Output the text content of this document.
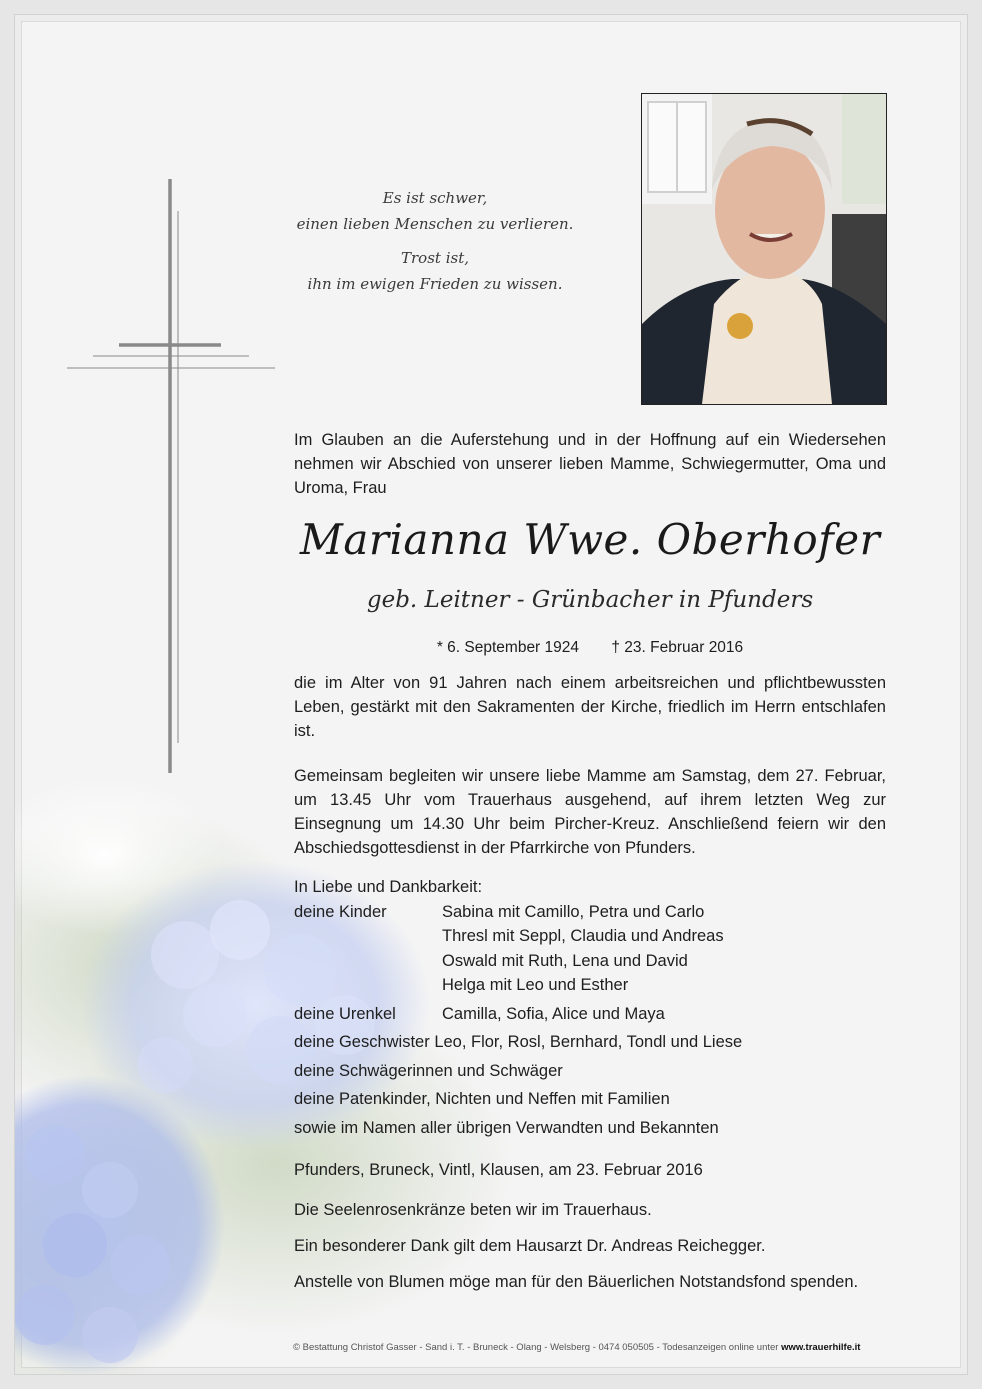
Es ist schwer,
einen lieben Menschen zu verlieren.
Trost ist,
ihn im ewigen Frieden zu wissen.
Im Glauben an die Auferstehung und in der Hoffnung auf ein Wiedersehen nehmen wir Abschied von unserer lieben Mamme, Schwiegermutter, Oma und Uroma, Frau
Marianna Wwe. Oberhofer
geb. Leitner - Grünbacher in Pfunders
* 6. September 1924 † 23. Februar 2016
die im Alter von 91 Jahren nach einem arbeitsreichen und pflichtbewussten Leben, gestärkt mit den Sakramenten der Kirche, friedlich im Herrn entschlafen ist.
Gemeinsam begleiten wir unsere liebe Mamme am Samstag, dem 27. Februar, um 13.45 Uhr vom Trauerhaus ausgehend, auf ihrem letzten Weg zur Einsegnung um 14.30 Uhr beim Pircher-Kreuz. Anschließend feiern wir den Abschiedsgottesdienst in der Pfarrkirche von Pfunders.
In Liebe und Dankbarkeit:
deine Kinder	Sabina mit Camillo, Petra und Carlo
Thresl mit Seppl, Claudia und Andreas
Oswald mit Ruth, Lena und David
Helga mit Leo und Esther
deine Urenkel	Camilla, Sofia, Alice und Maya
deine Geschwister Leo, Flor, Rosl, Bernhard, Tondl und Liese
deine Schwägerinnen und Schwäger
deine Patenkinder, Nichten und Neffen mit Familien
sowie im Namen aller übrigen Verwandten und Bekannten
Pfunders, Bruneck, Vintl, Klausen, am 23. Februar 2016
Die Seelenrosenkränze beten wir im Trauerhaus.
Ein besonderer Dank gilt dem Hausarzt Dr. Andreas Reichegger.
Anstelle von Blumen möge man für den Bäuerlichen Notstandsfond spenden.
© Bestattung Christof Gasser - Sand i. T. - Bruneck - Olang - Welsberg - 0474 050505 - Todesanzeigen online unter www.trauerhilfe.it
